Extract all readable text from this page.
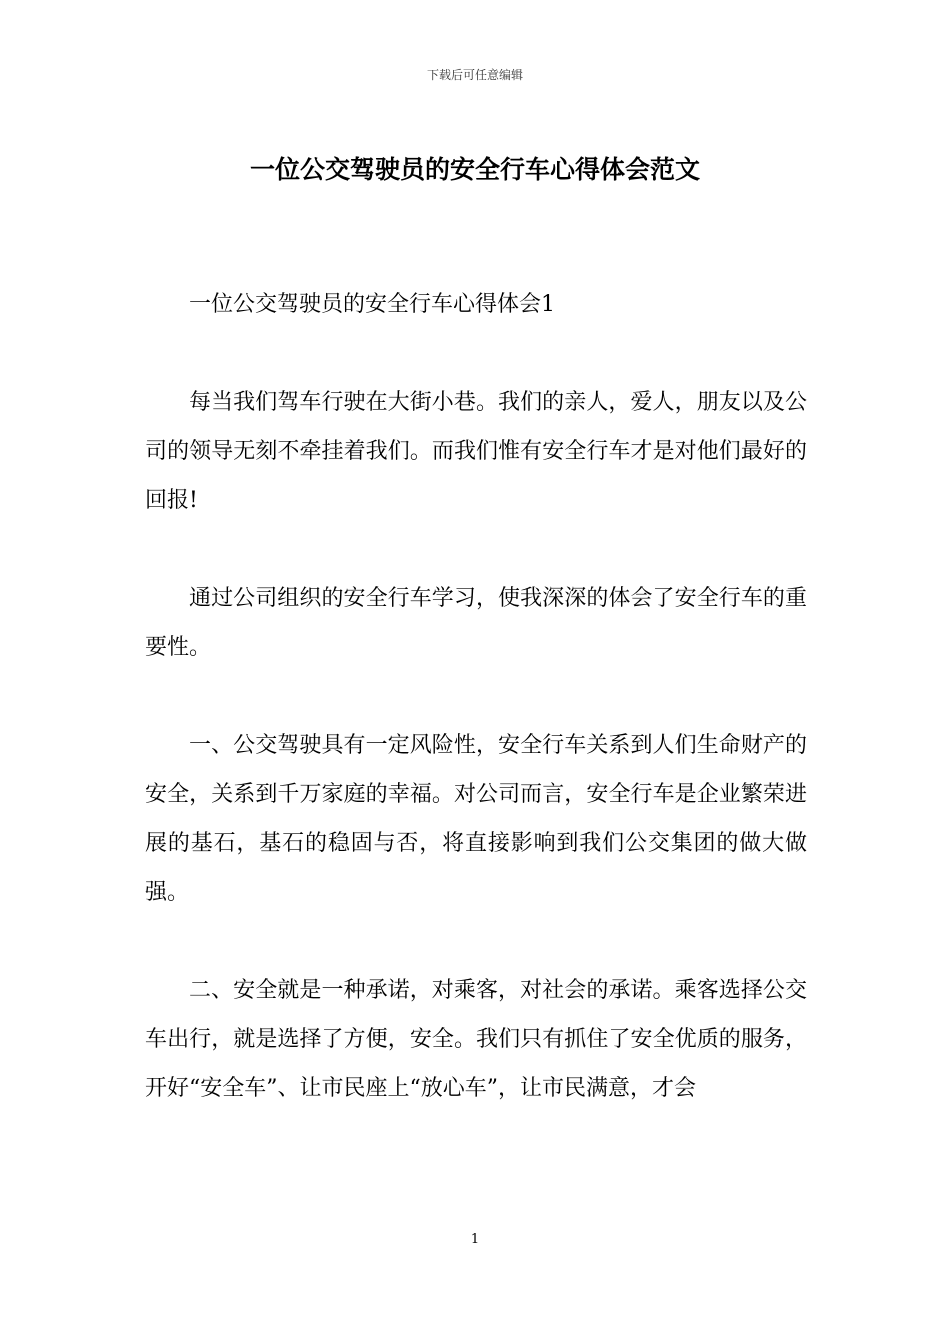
下载后可任意编辑
一位公交驾驶员的安全行车心得体会范文

一位公交驾驶员的安全行车心得体会1

每当我们驾车行驶在大街小巷。我们的亲人，爱人，朋友以及公司的领导无刻不牵挂着我们。而我们惟有安全行车才是对他们最好的回报!

通过公司组织的安全行车学习，使我深深的体会了安全行车的重要性。

一、公交驾驶具有一定风险性，安全行车关系到人们生命财产的安全，关系到千万家庭的幸福。对公司而言，安全行车是企业繁荣进展的基石，基石的稳固与否，将直接影响到我们公交集团的做大做强。

二、安全就是一种承诺，对乘客，对社会的承诺。乘客选择公交车出行，就是选择了方便，安全。我们只有抓住了安全优质的服务，开好“安全车”、让市民座上“放心车”，让市民满意，才会

1
